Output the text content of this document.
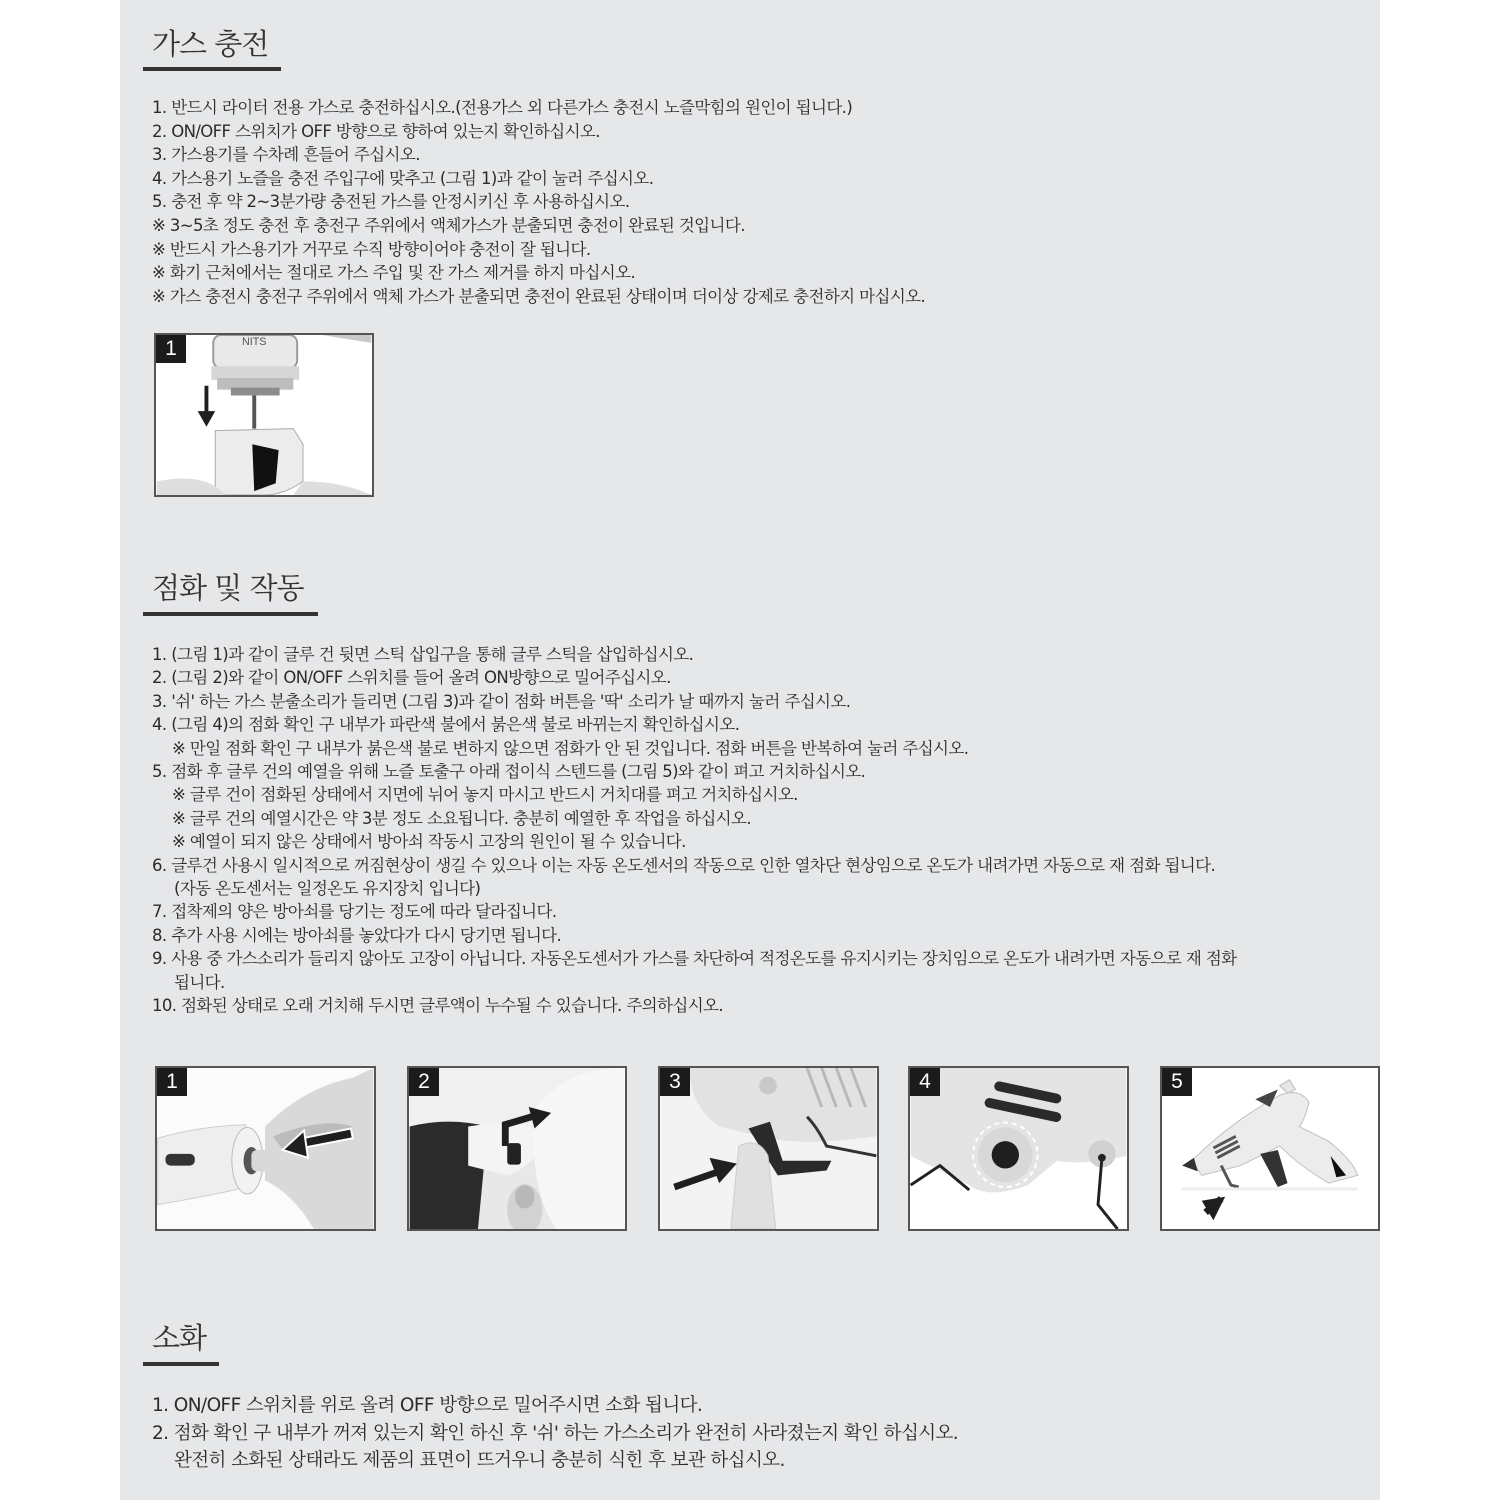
가스 충전
1. 반드시 라이터 전용 가스로 충전하십시오.(전용가스 외 다른가스 충전시 노즐막힘의 원인이 됩니다.)
2. ON/OFF 스위치가 OFF 방향으로 향하여 있는지 확인하십시오.
3. 가스용기를 수차례 흔들어 주십시오.
4. 가스용기 노즐을 충전 주입구에 맞추고 (그림 1)과 같이 눌러 주십시오.
5. 충전 후 약 2~3분가량 충전된 가스를 안정시키신 후 사용하십시오.
※ 3~5초 정도 충전 후 충전구 주위에서 액체가스가 분출되면 충전이 완료된 것입니다.
※ 반드시 가스용기가 거꾸로 수직 방향이어야 충전이 잘 됩니다.
※ 화기 근처에서는 절대로 가스 주입 및 잔 가스 제거를 하지 마십시오.
※ 가스 충전시 충전구 주위에서 액체 가스가 분출되면 충전이 완료된 상태이며 더이상 강제로 충전하지 마십시오.
1	NITS
점화 및 작동
1. (그림 1)과 같이 글루 건 뒷면 스틱 삽입구을 통해 글루 스틱을 삽입하십시오.
2. (그림 2)와 같이 ON/OFF 스위치를 들어 올려 ON방향으로 밀어주십시오.
3. '쉬' 하는 가스 분출소리가 들리면 (그림 3)과 같이 점화 버튼을 '딱' 소리가 날 때까지 눌러 주십시오.
4. (그림 4)의 점화 확인 구 내부가 파란색 불에서 붉은색 불로 바뀌는지 확인하십시오.
※ 만일 점화 확인 구 내부가 붉은색 불로 변하지 않으면 점화가 안 된 것입니다. 점화 버튼을 반복하여 눌러 주십시오.
5. 점화 후 글루 건의 예열을 위해 노즐 토출구 아래 접이식 스텐드를 (그림 5)와 같이 펴고 거치하십시오.
※ 글루 건이 점화된 상태에서 지면에 뉘어 놓지 마시고 반드시 거치대를 펴고 거치하십시오.
※ 글루 건의 예열시간은 약 3분 정도 소요됩니다. 충분히 예열한 후 작업을 하십시오.
※ 예열이 되지 않은 상태에서 방아쇠 작동시 고장의 원인이 될 수 있습니다.
6. 글루건 사용시 일시적으로 꺼짐현상이 생길 수 있으나 이는 자동 온도센서의 작동으로 인한 열차단 현상임으로 온도가 내려가면 자동으로 재 점화 됩니다.
(자동 온도센서는 일정온도 유지장치 입니다)
7. 접착제의 양은 방아쇠를 당기는 정도에 따라 달라집니다.
8. 추가 사용 시에는 방아쇠를 놓았다가 다시 당기면 됩니다.
9. 사용 중 가스소리가 들리지 않아도 고장이 아닙니다. 자동온도센서가 가스를 차단하여 적정온도를 유지시키는 장치임으로 온도가 내려가면 자동으로 재 점화
됩니다.
10. 점화된 상태로 오래 거치해 두시면 글루액이 누수될 수 있습니다. 주의하십시오.
1	2	3	4	5
소화
1. ON/OFF 스위치를 위로 올려 OFF 방향으로 밀어주시면 소화 됩니다.
2. 점화 확인 구 내부가 꺼져 있는지 확인 하신 후 '쉬' 하는 가스소리가 완전히 사라졌는지 확인 하십시오.
완전히 소화된 상태라도 제품의 표면이 뜨거우니 충분히 식힌 후 보관 하십시오.
